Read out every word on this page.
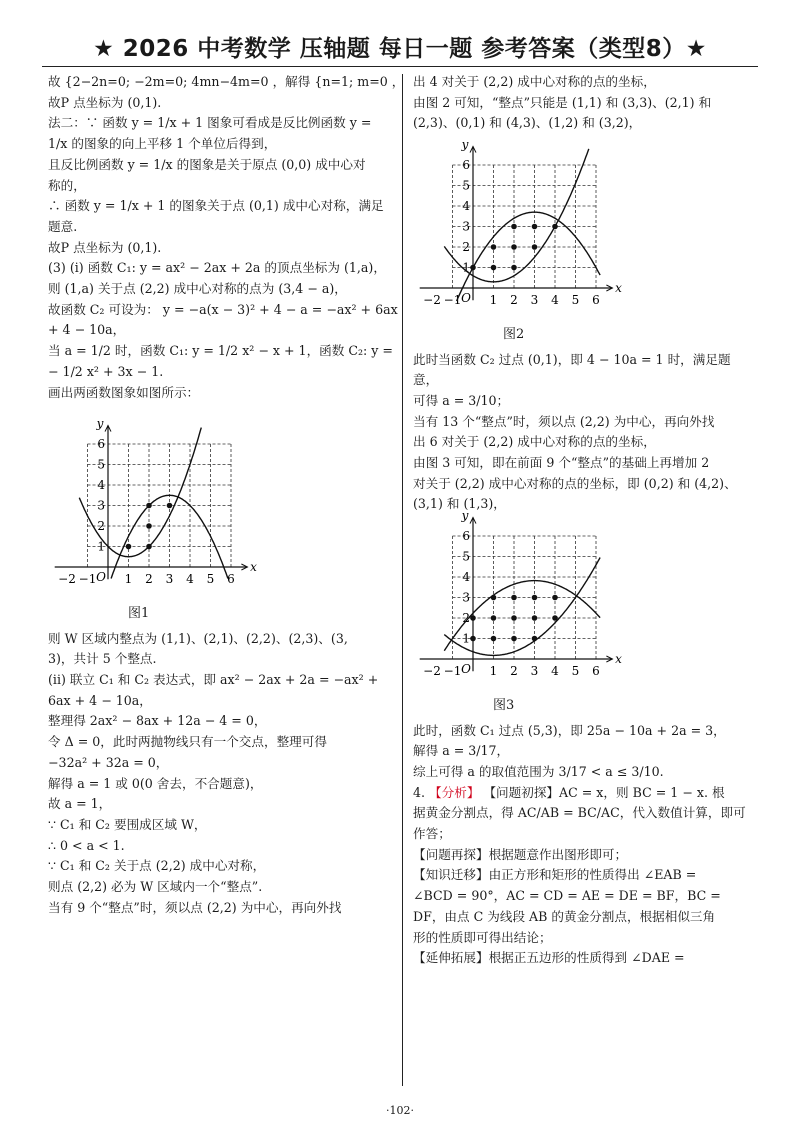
★ 2026 中考数学 压轴题 每日一题 参考答案（类型8）★
故 {2−2n=0; −2m=0; 4mn−4m=0 ，解得 {n=1; m=0 ，
故P 点坐标为 (0,1).
法二：∵ 函数 y = 1/x + 1 图象可看成是反比例函数 y =
1/x 的图象的向上平移 1 个单位后得到，
且反比例函数 y = 1/x 的图象是关于原点 (0,0) 成中心对
称的，
∴ 函数 y = 1/x + 1 的图象关于点 (0,1) 成中心对称，满足
题意.
故P 点坐标为 (0,1).
(3) (i) 函数 C₁: y = ax² − 2ax + 2a 的顶点坐标为 (1,a)，
则 (1,a) 关于点 (2,2) 成中心对称的点为 (3,4 − a)，
故函数 C₂ 可设为： y = −a(x − 3)² + 4 − a = −ax² + 6ax
+ 4 − 10a，
当 a = 1/2 时，函数 C₁: y = 1/2 x² − x + 1，函数 C₂: y =
− 1/2 x² + 3x − 1.
画出两函数图象如图所示：
x
y
O
−2 −1 1 2 3 4 5 6
1
2
3
4
5
6
图1
则 W 区域内整点为 (1,1)、(2,1)、(2,2)、(2,3)、(3,
3)，共计 5 个整点.
(ii) 联立 C₁ 和 C₂ 表达式，即 ax² − 2ax + 2a = −ax² +
6ax + 4 − 10a，
整理得 2ax² − 8ax + 12a − 4 = 0，
令 Δ = 0，此时两抛物线只有一个交点，整理可得
−32a² + 32a = 0，
解得 a = 1 或 0(0 舍去，不合题意)，
故 a = 1，
∵ C₁ 和 C₂ 要围成区域 W，
∴ 0 < a < 1.
∵ C₁ 和 C₂ 关于点 (2,2) 成中心对称，
则点 (2,2) 必为 W 区域内一个“整点”.
当有 9 个“整点”时，须以点 (2,2) 为中心，再向外找
出 4 对关于 (2,2) 成中心对称的点的坐标，
由图 2 可知，“整点”只能是 (1,1) 和 (3,3)、(2,1) 和
(2,3)、(0,1) 和 (4,3)、(1,2) 和 (3,2)，
x
y
O
−2 −1 1 2 3 4 5 6
1
2
3
4
5
6
图2
此时当函数 C₂ 过点 (0,1)，即 4 − 10a = 1 时，满足题
意，
可得 a = 3/10；
当有 13 个“整点”时，须以点 (2,2) 为中心，再向外找
出 6 对关于 (2,2) 成中心对称的点的坐标，
由图 3 可知，即在前面 9 个“整点”的基础上再增加 2
对关于 (2,2) 成中心对称的点的坐标，即 (0,2) 和 (4,2)、
(3,1) 和 (1,3)，
x
y
O
−2 −1 1 2 3 4 5 6
1
2
3
4
5
6
图3
此时，函数 C₁ 过点 (5,3)，即 25a − 10a + 2a = 3，
解得 a = 3/17，
综上可得 a 的取值范围为 3/17 < a ≤ 3/10.
4. 【分析】 【问题初探】AC = x，则 BC = 1 − x. 根
据黄金分割点，得 AC/AB = BC/AC，代入数值计算，即可
作答；
【问题再探】根据题意作出图形即可；
【知识迁移】由正方形和矩形的性质得出 ∠EAB =
∠BCD = 90°，AC = CD = AE = DE = BF，BC =
DF，由点 C 为线段 AB 的黄金分割点，根据相似三角
形的性质即可得出结论；
【延伸拓展】根据正五边形的性质得到 ∠DAE =
·102·
